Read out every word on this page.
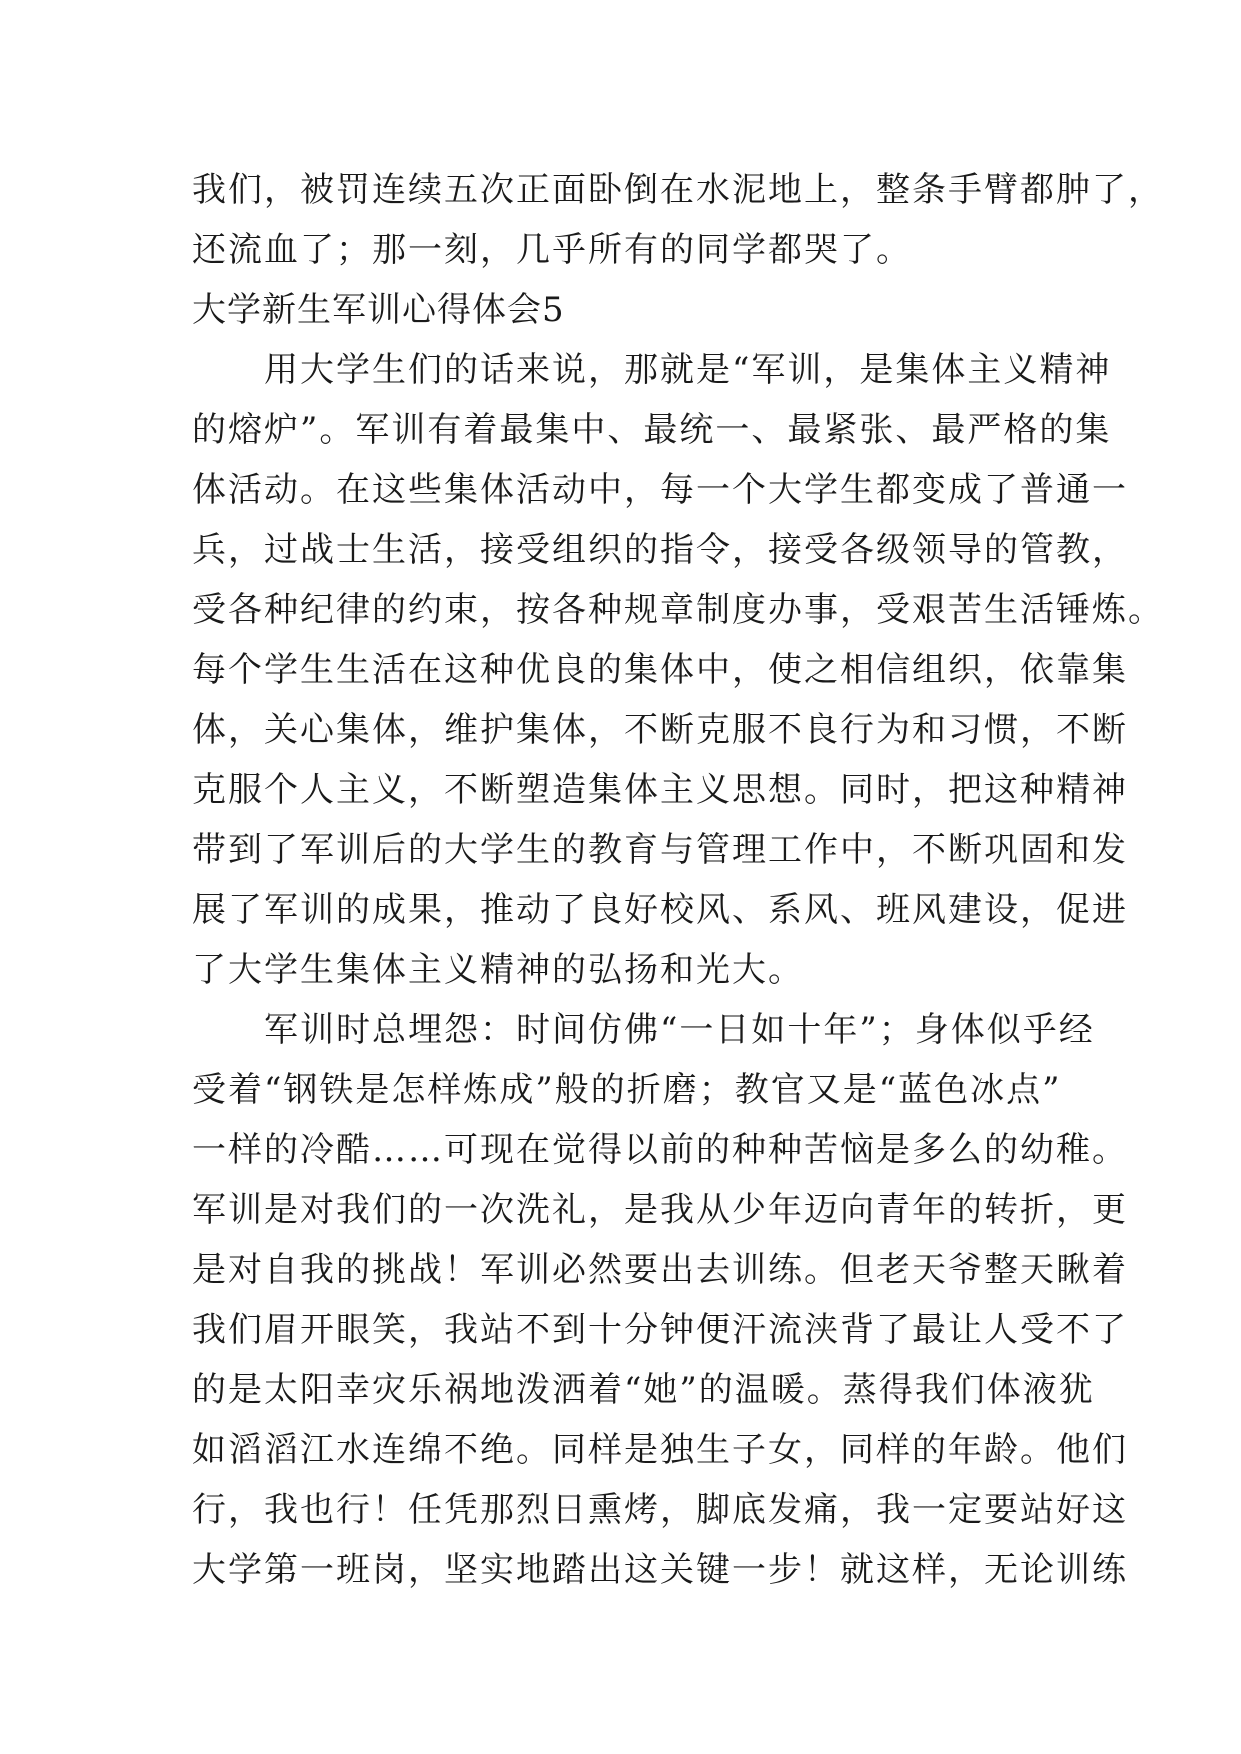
我们，被罚连续五次正面卧倒在水泥地上，整条手臂都肿了，
还流血了；那一刻，几乎所有的同学都哭了。
大学新生军训心得体会5
　　用大学生们的话来说，那就是“军训，是集体主义精神
的熔炉”。军训有着最集中、最统一、最紧张、最严格的集
体活动。在这些集体活动中，每一个大学生都变成了普通一
兵，过战士生活，接受组织的指令，接受各级领导的管教，
受各种纪律的约束，按各种规章制度办事，受艰苦生活锤炼。
每个学生生活在这种优良的集体中，使之相信组织，依靠集
体，关心集体，维护集体，不断克服不良行为和习惯，不断
克服个人主义，不断塑造集体主义思想。同时，把这种精神
带到了军训后的大学生的教育与管理工作中，不断巩固和发
展了军训的成果，推动了良好校风、系风、班风建设，促进
了大学生集体主义精神的弘扬和光大。
　　军训时总埋怨：时间仿佛“一日如十年”；身体似乎经
受着“钢铁是怎样炼成”般的折磨；教官又是“蓝色冰点”
一样的冷酷……可现在觉得以前的种种苦恼是多么的幼稚。
军训是对我们的一次洗礼，是我从少年迈向青年的转折，更
是对自我的挑战！军训必然要出去训练。但老天爷整天瞅着
我们眉开眼笑，我站不到十分钟便汗流浃背了最让人受不了
的是太阳幸灾乐祸地泼洒着“她”的温暖。蒸得我们体液犹
如滔滔江水连绵不绝。同样是独生子女，同样的年龄。他们
行，我也行！任凭那烈日熏烤，脚底发痛，我一定要站好这
大学第一班岗，坚实地踏出这关键一步！就这样，无论训练
